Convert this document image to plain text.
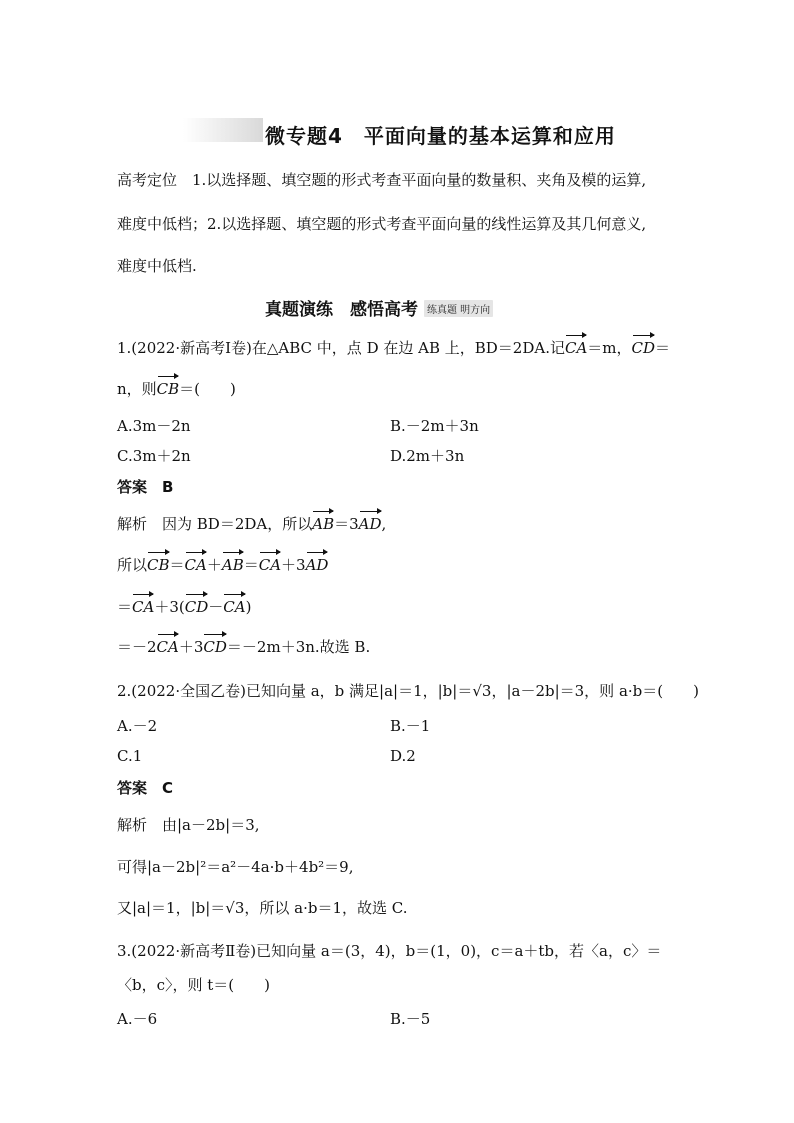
微专题4　平面向量的基本运算和应用
高考定位　1.以选择题、填空题的形式考查平面向量的数量积、夹角及模的运算,
难度中低档；2.以选择题、填空题的形式考查平面向量的线性运算及其几何意义,
难度中低档.
真题演练　感悟高考 练真题 明方向
1.(2022·新高考Ⅰ卷)在△ABC 中，点 D 在边 AB 上，BD＝2DA.记CA＝m，CD＝
n，则CB＝(　　)
A.3m－2n	B.－2m＋3n
C.3m＋2n	D.2m＋3n
答案　B
解析　因为 BD＝2DA，所以AB＝3AD,
所以CB＝CA＋AB＝CA＋3AD
＝CA＋3(CD－CA)
＝－2CA＋3CD＝－2m＋3n.故选 B.
2.(2022·全国乙卷)已知向量 a，b 满足|a|＝1，|b|＝√3，|a－2b|＝3，则 a·b＝(　　)
A.－2	B.－1
C.1	D.2
答案　C
解析　由|a－2b|＝3,
可得|a－2b|²＝a²－4a·b＋4b²＝9,
又|a|＝1，|b|＝√3，所以 a·b＝1，故选 C.
3.(2022·新高考Ⅱ卷)已知向量 a＝(3，4)，b＝(1，0)，c＝a＋tb，若〈a，c〉＝
〈b，c〉，则 t＝(　　)
A.－6	B.－5
